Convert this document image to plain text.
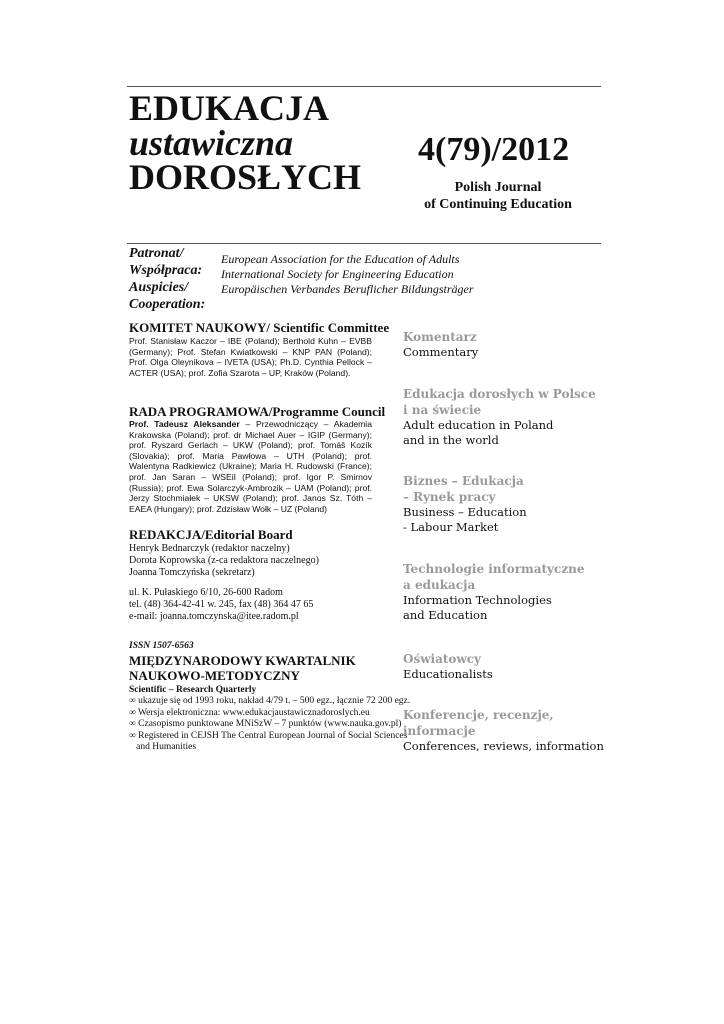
EDUKACJA
ustawiczna
DOROSŁYCH
4(79)/2012
Polish Journal
of Continuing Education
Patronat/
Współpraca:
Auspicies/
Cooperation:
European Association for the Education of Adults
International Society for Engineering Education
Europäischen Verbandes Beruflicher Bildungsträger
KOMITET NAUKOWY/ Scientific Committee
Prof. Stanisław Kaczor – IBE (Poland); Berthold Kuhn – EVBB (Germany); Prof. Stefan Kwiatkowski – KNP PAN (Poland); Prof. Olga Oleynikova – IVETA (USA); Ph.D. Cynthia Pellock – ACTER (USA); prof. Zofia Szarota – UP, Kraków (Poland).
RADA PROGRAMOWA/Programme Council
Prof. Tadeusz Aleksander – Przewodniczący – Akademia Krakowska (Poland); prof. dr Michael Auer – IGIP (Germany); prof. Ryszard Gerlach – UKW (Poland); prof. Tomáš Kozík (Slovakia); prof. Maria Pawłowa – UTH (Poland); prof. Walentyna Radkiewicz (Ukraine); Maria H. Rudowski (France); prof. Jan Saran – WSEiI (Poland); prof. Igor P. Smirnov (Russia); prof. Ewa Solarczyk-Ambrozik – UAM (Poland); prof. Jerzy Stochmiałek – UKSW (Poland); prof. Janos Sz. Tóth – EAEA (Hungary); prof. Zdzisław Wołk – UZ (Poland)
REDAKCJA/Editorial Board
Henryk Bednarczyk (redaktor naczelny)
Dorota Koprowska (z-ca redaktora naczelnego)
Joanna Tomczyńska (sekretarz)
ul. K. Pułaskiego 6/10, 26-600 Radom
tel. (48) 364-42-41 w. 245, fax (48) 364 47 65
e-mail: joanna.tomczynska@itee.radom.pl
ISSN 1507-6563
MIĘDZYNARODOWY KWARTALNIK
NAUKOWO-METODYCZNY
Scientific – Research Quarterly
∞ ukazuje się od 1993 roku, nakład 4/79 t. – 500 egz., łącznie 72 200 egz.
∞ Wersja elektroniczna: www.edukacjaustawicznadoroslych.eu
∞ Czasopismo punktowane MNiSzW – 7 punktów (www.nauka.gov.pl)
∞ Registered in CEJSH The Central European Journal of Social Sciences
and Humanities
Komentarz
Commentary
Edukacja dorosłych w Polsce
i na świecie
Adult education in Poland
and in the world
Biznes – Edukacja
– Rynek pracy
Business – Education
- Labour Market
Technologie informatyczne
a edukacja
Information Technologies
and Education
Oświatowcy
Educationalists
Konferencje, recenzje,
informacje
Conferences, reviews, information
